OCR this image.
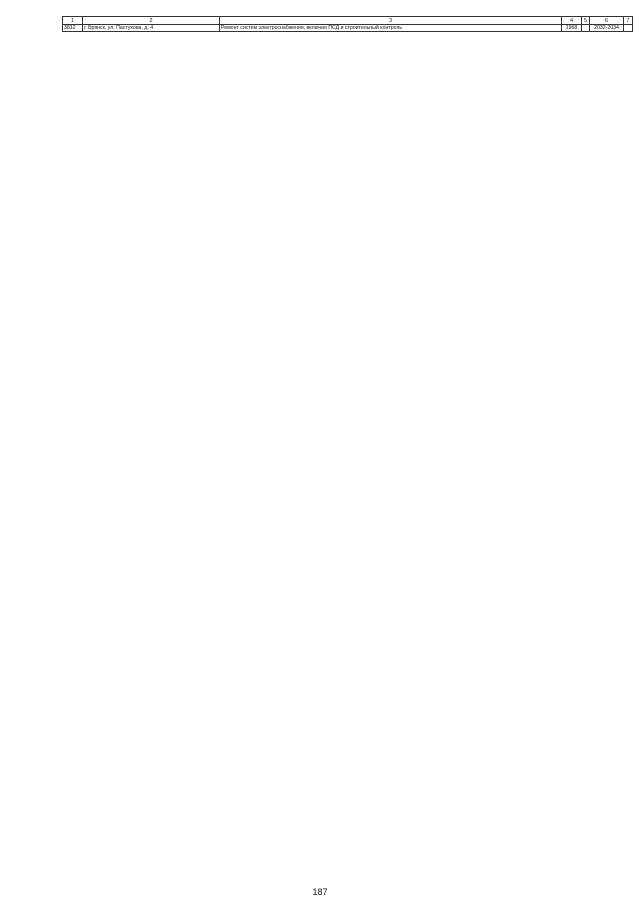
1	2	3	4	5	6	7
3812	г. Брянск, ул. Пастухова, д. 4	Ремонт систем электроснабжения, включая ПСД и строительный контроль	1968		2032-2034	
187
